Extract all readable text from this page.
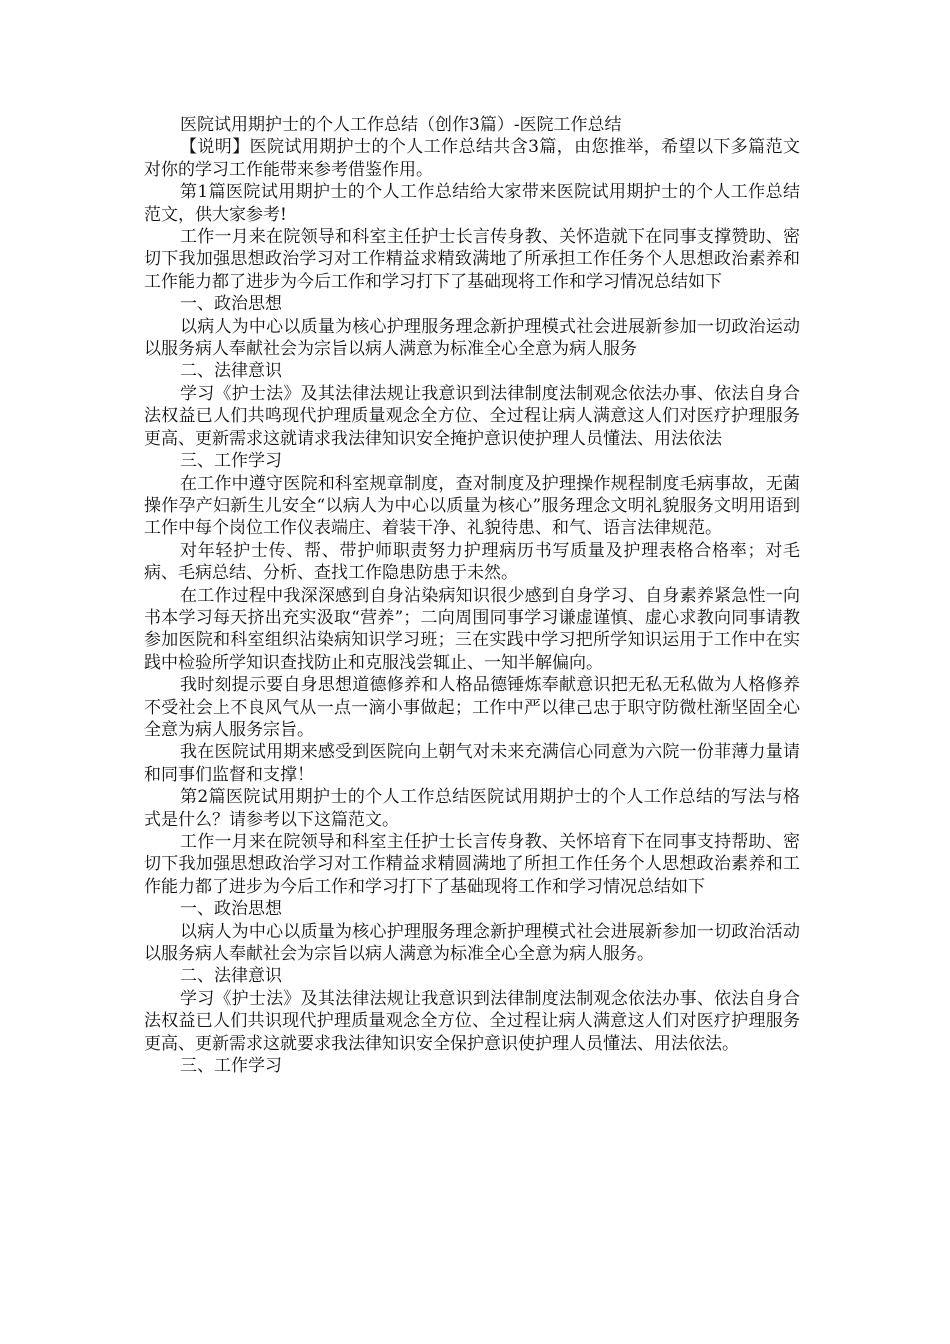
医院试用期护士的个人工作总结（创作3篇）-医院工作总结

【说明】医院试用期护士的个人工作总结共含3篇，由您推举，希望以下多篇范文对你的学习工作能带来参考借鉴作用。

第1篇医院试用期护士的个人工作总结给大家带来医院试用期护士的个人工作总结范文，供大家参考!

工作一月来在院领导和科室主任护士长言传身教、关怀造就下在同事支撑赞助、密切下我加强思想政治学习对工作精益求精致满地了所承担工作任务个人思想政治素养和工作能力都了进步为今后工作和学习打下了基础现将工作和学习情况总结如下

一、政治思想

以病人为中心以质量为核心护理服务理念新护理模式社会进展新参加一切政治运动以服务病人奉献社会为宗旨以病人满意为标准全心全意为病人服务

二、法律意识

学习《护士法》及其法律法规让我意识到法律制度法制观念依法办事、依法自身合法权益已人们共鸣现代护理质量观念全方位、全过程让病人满意这人们对医疗护理服务更高、更新需求这就请求我法律知识安全掩护意识使护理人员懂法、用法依法

三、工作学习

在工作中遵守医院和科室规章制度，查对制度及护理操作规程制度毛病事故，无菌操作孕产妇新生儿安全“以病人为中心以质量为核心”服务理念文明礼貌服务文明用语到工作中每个岗位工作仪表端庄、着装干净、礼貌待患、和气、语言法律规范。

对年轻护士传、帮、带护师职责努力护理病历书写质量及护理表格合格率；对毛病、毛病总结、分析、查找工作隐患防患于未然。

在工作过程中我深深感到自身沾染病知识很少感到自身学习、自身素养紧急性一向书本学习每天挤出充实汲取“营养”；二向周围同事学习谦虚谨慎、虚心求教向同事请教参加医院和科室组织沾染病知识学习班；三在实践中学习把所学知识运用于工作中在实践中检验所学知识查找防止和克服浅尝辄止、一知半解偏向。

我时刻提示要自身思想道德修养和人格品德锤炼奉献意识把无私无私做为人格修养不受社会上不良风气从一点一滴小事做起；工作中严以律己忠于职守防微杜渐坚固全心全意为病人服务宗旨。

我在医院试用期来感受到医院向上朝气对未来充满信心同意为六院一份菲薄力量请和同事们监督和支撑！

第2篇医院试用期护士的个人工作总结医院试用期护士的个人工作总结的写法与格式是什么？请参考以下这篇范文。

工作一月来在院领导和科室主任护士长言传身教、关怀培育下在同事支持帮助、密切下我加强思想政治学习对工作精益求精圆满地了所担工作任务个人思想政治素养和工作能力都了进步为今后工作和学习打下了基础现将工作和学习情况总结如下

一、政治思想

以病人为中心以质量为核心护理服务理念新护理模式社会进展新参加一切政治活动以服务病人奉献社会为宗旨以病人满意为标准全心全意为病人服务。

二、法律意识

学习《护士法》及其法律法规让我意识到法律制度法制观念依法办事、依法自身合法权益已人们共识现代护理质量观念全方位、全过程让病人满意这人们对医疗护理服务更高、更新需求这就要求我法律知识安全保护意识使护理人员懂法、用法依法。

三、工作学习
